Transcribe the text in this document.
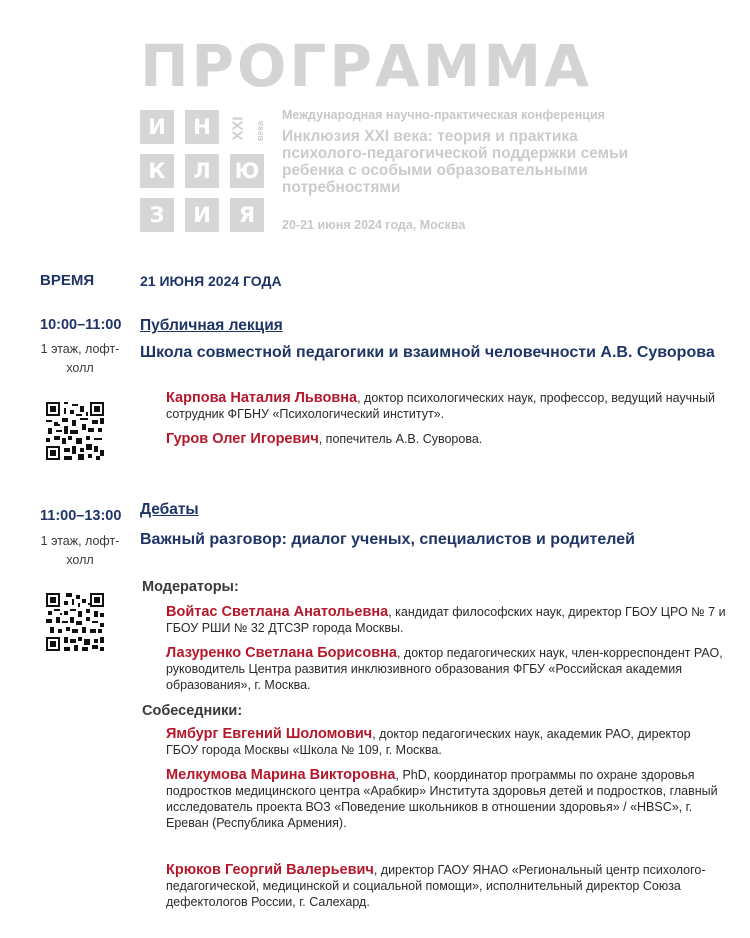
ПРОГРАММА
И	Н
К	Л	Ю
З	И	Я
XXI века
Международная научно-практическая конференция
Инклюзия XXI века: теория и практика психолого-педагогической поддержки семьи ребенка с особыми образовательными потребностями
20-21 июня 2024 года, Москва
ВРЕМЯ	21 ИЮНЯ 2024 ГОДА
10:00–11:00
1 этаж, лофт-холл
Публичная лекция
Школа совместной педагогики и взаимной человечности А.В. Суворова
Карпова Наталия Львовна, доктор психологических наук, профессор, ведущий научный сотрудник ФГБНУ «Психологический институт».
Гуров Олег Игоревич, попечитель А.В. Суворова.
11:00–13:00
1 этаж, лофт-холл
Дебаты
Важный разговор: диалог ученых, специалистов и родителей
Модераторы:
Войтас Светлана Анатольевна, кандидат философских наук, директор ГБОУ ЦРО № 7 и ГБОУ РШИ № 32 ДТСЗР города Москвы.
Лазуренко Светлана Борисовна, доктор педагогических наук, член-корреспондент РАО, руководитель Центра развития инклюзивного образования ФГБУ «Российская академия образования», г. Москва.
Собеседники:
Ямбург Евгений Шоломович, доктор педагогических наук, академик РАО, директор ГБОУ города Москвы «Школа № 109, г. Москва.
Мелкумова Марина Викторовна, PhD, координатор программы по охране здоровья подростков медицинского центра «Арабкир» Института здоровья детей и подростков, главный исследователь проекта ВОЗ «Поведение школьников в отношении здоровья» / «HBSC», г. Ереван (Республика Армения).
Крюков Георгий Валерьевич, директор ГАОУ ЯНАО «Региональный центр психолого-педагогической, медицинской и социальной помощи», исполнительный директор Союза дефектологов России, г. Салехард.
